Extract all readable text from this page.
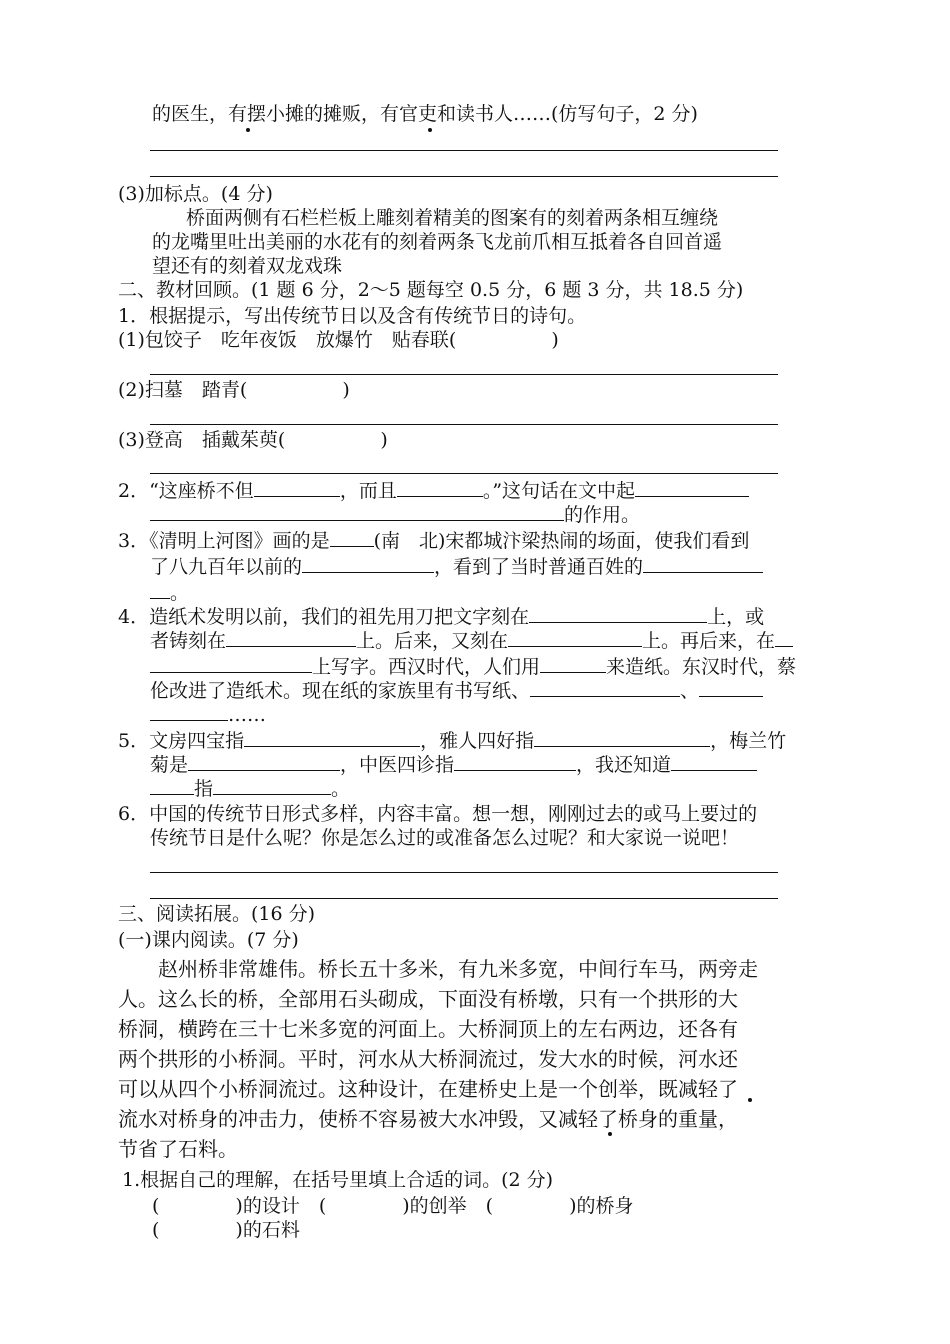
的医生，有摆小摊的摊贩，有官吏和读书人……(仿写句子，2 分)
(3)加标点。(4 分)
桥面两侧有石栏栏板上雕刻着精美的图案有的刻着两条相互缠绕
的龙嘴里吐出美丽的水花有的刻着两条飞龙前爪相互抵着各自回首遥
望还有的刻着双龙戏珠
二、教材回顾。(1 题 6 分，2～5 题每空 0.5 分，6 题 3 分，共 18.5 分)
1．根据提示，写出传统节日以及含有传统节日的诗句。
(1)包饺子　吃年夜饭　放爆竹　贴春联(　　　　　)
(2)扫墓　踏青(　　　　　)
(3)登高　插戴茱萸(　　　　　)
2．“这座桥不但	，而且	。”这句话在文中起
的作用。
3．《清明上河图》画的是 (南　北)宋都城汴梁热闹的场面，使我们看到
了八九百年以前的	，看到了当时普通百姓的
。
4．造纸术发明以前，我们的祖先用刀把文字刻在	上，或
者铸刻在	上。后来，又刻在	上。再后来，在
上写字。西汉时代，人们用	来造纸。东汉时代，蔡
伦改进了造纸术。现在纸的家族里有书写纸、	、
……
5．文房四宝指	，雅人四好指	，梅兰竹
菊是	，中医四诊指	，我还知道
指	。
6．中国的传统节日形式多样，内容丰富。想一想，刚刚过去的或马上要过的
传统节日是什么呢？你是怎么过的或准备怎么过呢？和大家说一说吧！
三、阅读拓展。(16 分)
(一)课内阅读。(7 分)
　　赵州桥非常雄伟。桥长五十多米，有九米多宽，中间行车马，两旁走
人。这么长的桥，全部用石头砌成，下面没有桥墩，只有一个拱形的大
桥洞，横跨在三十七米多宽的河面上。大桥洞顶上的左右两边，还各有
两个拱形的小桥洞。平时，河水从大桥洞流过，发大水的时候，河水还
可以从四个小桥洞流过。这种设计，在建桥史上是一个创举，既减轻了
流水对桥身的冲击力，使桥不容易被大水冲毁，又减轻了桥身的重量，
节省了石料。
1.根据自己的理解，在括号里填上合适的词。(2 分)
(　　　　)的设计　(　　　　)的创举　(　　　　)的桥身
(　　　　)的石料
